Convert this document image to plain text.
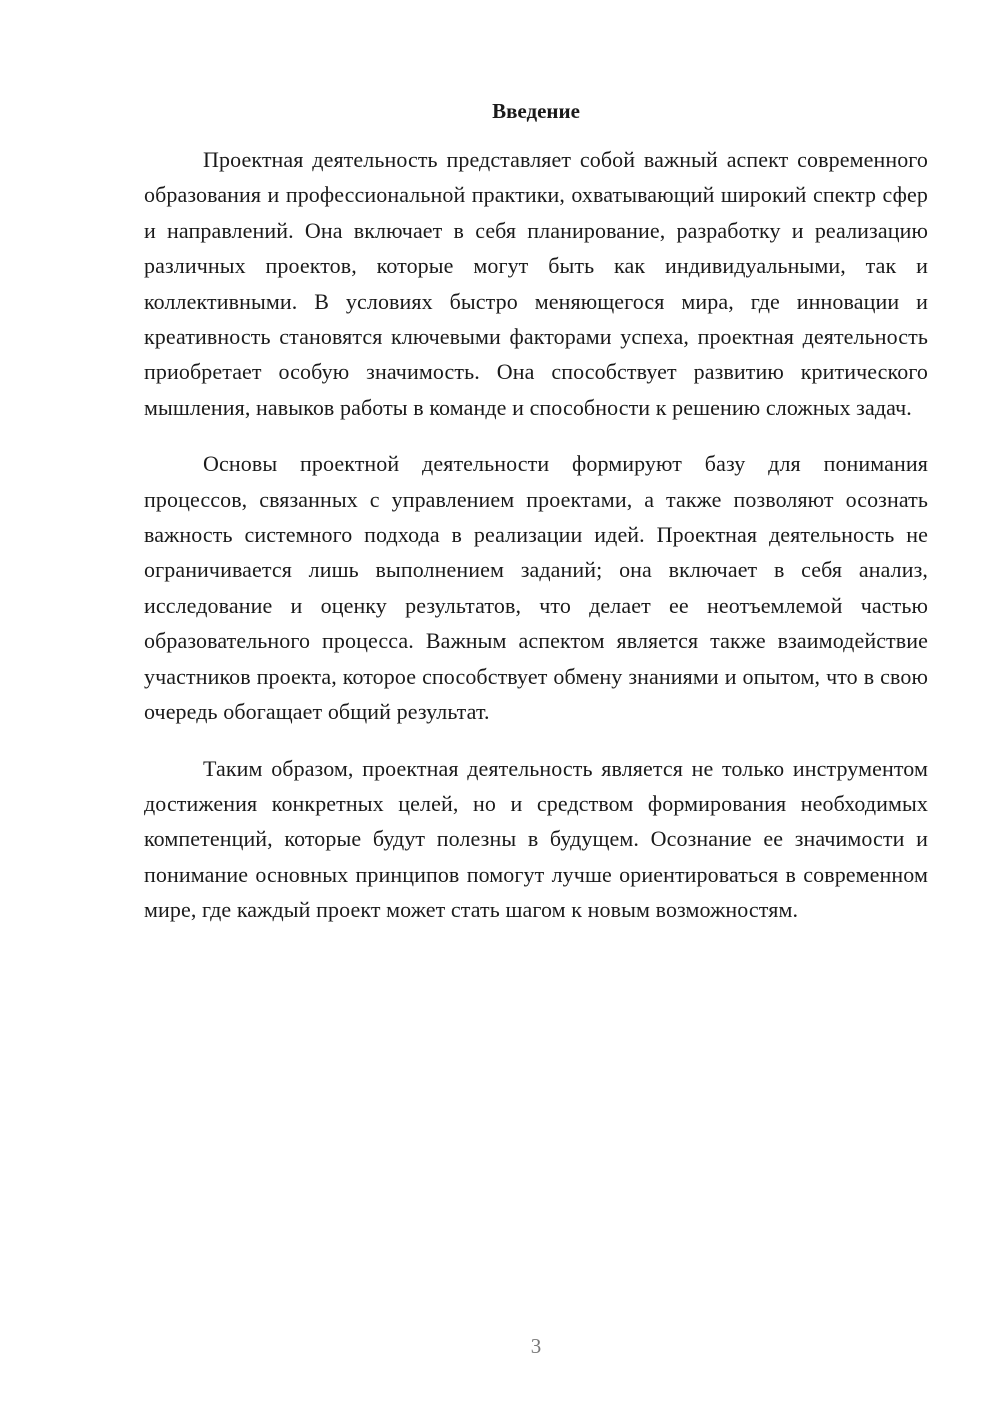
Введение

Проектная деятельность представляет собой важный аспект современного образования и профессиональной практики, охватывающий широкий спектр сфер и направлений. Она включает в себя планирование, разработку и реализацию различных проектов, которые могут быть как индивидуальными, так и коллективными. В условиях быстро меняющегося мира, где инновации и креативность становятся ключевыми факторами успеха, проектная деятельность приобретает особую значимость. Она способствует развитию критического мышления, навыков работы в команде и способности к решению сложных задач.

Основы проектной деятельности формируют базу для понимания процессов, связанных с управлением проектами, а также позволяют осознать важность системного подхода в реализации идей. Проектная деятельность не ограничивается лишь выполнением заданий; она включает в себя анализ, исследование и оценку результатов, что делает ее неотъемлемой частью образовательного процесса. Важным аспектом является также взаимодействие участников проекта, которое способствует обмену знаниями и опытом, что в свою очередь обогащает общий результат.

Таким образом, проектная деятельность является не только инструментом достижения конкретных целей, но и средством формирования необходимых компетенций, которые будут полезны в будущем. Осознание ее значимости и понимание основных принципов помогут лучше ориентироваться в современном мире, где каждый проект может стать шагом к новым возможностям.

3
